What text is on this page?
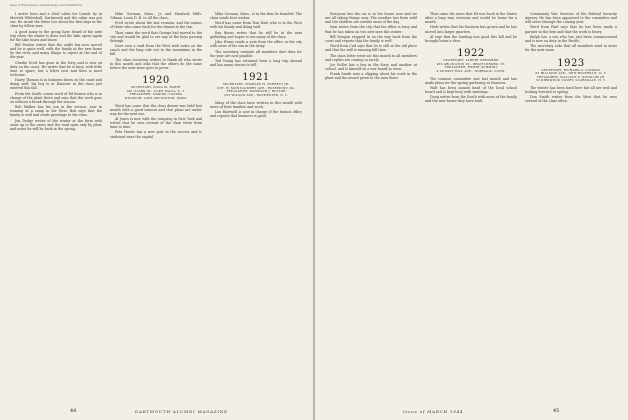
tune of Evergreen, Gyrnstology, and Obstetrics.

I arrive here and a chief cabin for Comdr. by at Merrick Whiteshall. Dartmouth and the cabin was put out. He wrote the letter Lee about the first days in the class by fellow men.

A good many in the group have heard of the next trip when the winter is done and the lake opens again for the lake boats and shore.

Bill Fenton writes that the outfit has now moved and he is quite well, with the family at the new home by the river, and many things to report at the end of the year.

Charlie Scott has gone in the Navy and is now on duty on the coast. He writes that he is busy, with little time to spare, but a letter now and then is most welcome.

Harry Thomas is in business down on the coast and doing well; his boy is at Hanover in the class just entered this fall.

From the South comes word of Ed Bowen who is in charge of the plant there and says that the work goes on without a break through the season.

Bob Walker has his son in the service, now in training at a camp in the West. Bob says that the family is well and sends greetings to the class.

Jim Dodge writes of the winter at the farm with snow up to the eaves and the road open only by plow, and notes he will be back in the spring.

Mike Gorman, Mass., Jr. and Shattuck Mills. Gilman, Louis D. R. to all the class.

Fred wrote about the last reunion, and the names of those who came back for the dinner at the Inn.

Then came the word that George had moved to the city and would be glad to see any of the boys passing through.

Dave sent a card from the West with notes on the ranch and the long ride out to the mountains in the fall.

The class secretary wishes to thank all who wrote in this month and asks that the others do the same before the next issue goes to press.

1920
SECRETARY, DANA M. BARRY
401 CLARK ST., GLEN FALLS, N. Y.
TREASURER, SAMUEL LOOMIS
WINDSOR, LAKE ARLINGTON, MASS.

Word has come that the class dinner was held last month with a good turnout and that plans are under way for the next one.

Al Jones is now with the company in New York and writes that he sees several of the class there from time to time.

Pete Harris has a new post in the service and is stationed near the capital.

Mike Gorman, Mass., is in the firm he founded. The class sends best wishes.

Word has come from Tom Hale who is in the West with his family and doing well.

Ray Burns writes that he will be at the next gathering and hopes to see many of the class.

John Evans sends a note from the office in the city with news of his son in the Army.

The secretary reminds all members that dues for the year are now payable.

Ted Young has returned from a long trip abroad and has many stories to tell.

1921
SECRETARY, CHARLES H. EVERETT JR.
STE. W. MONTGOMERY AVE., ROSEMONT, PA.
TREASURER, RAYMOND J. BUTLER
253 WILSON AVE., ROCHESTER, N. Y.

Many of the class have written in this month with news of their families and work.

Lou Hartwell is now in charge of the branch office and reports that business is good.

44	DARTMOUTH ALUMNI MAGAZINE

Everyone but the cat is in the house now and we are all taking things easy. The weather has been mild and the children are outside most of the day.

Sam writes from the city that his office is busy and that he has taken on two new men this winter.

Bill Morgan stopped in on the way back from the coast and reports that the family is well.

Word from Carl says that he is still at the old place and that the mill is running full time.

The class letter went out this month to all members and replies are coming in nicely.

Joe Fuller has a boy in the Navy and another at school, and is himself on a war board in town.

Frank Smith sent a clipping about his work in the plant and the award given to the men there.

Then came the news that Ed was back in the States after a long stay overseas and would be home for a month.

Herb writes that his business has grown and he has moved into larger quarters.

Al says that the hunting was good this fall and he brought home a deer.

1922
SECRETARY, ALBERT SHEPPARD
265 ARLINGTON ST., BRATTLEBORO, VT.
TREASURER, HENRY SCHMIDT
4 SUNSET HILL AVE., NORWALK, CONN.

The reunion committee met last month and has made plans for the spring gathering at Hanover.

Walt has been named head of the local school board and is kept busy with meetings.

Doug writes from the South with news of the family and the new house they have built.

Community War Services of the Federal Security Agency. He has been appointed to the committee and will serve through the coming year.

Word from Paul says that he has been made a partner in the firm and that the work is heavy.

Ralph has a son who has just been commissioned and is now on duty in the Pacific.

The secretary asks that all members send in news for the next issue.

1923
SECRETARY, RICHARD A. LINDSAY
65 HILLSIDE AVE., NEW ROCHELLE, N. Y.
TREASURER, WALLACE V. WINSLOW JR.
53 KIRKWOOD COURT, SCARSDALE, N. Y.

The winter has been hard here but all are well and looking forward to spring.

Don Smith writes from the West that he sees several of the class often.

Issue of MARCH 1944	45
